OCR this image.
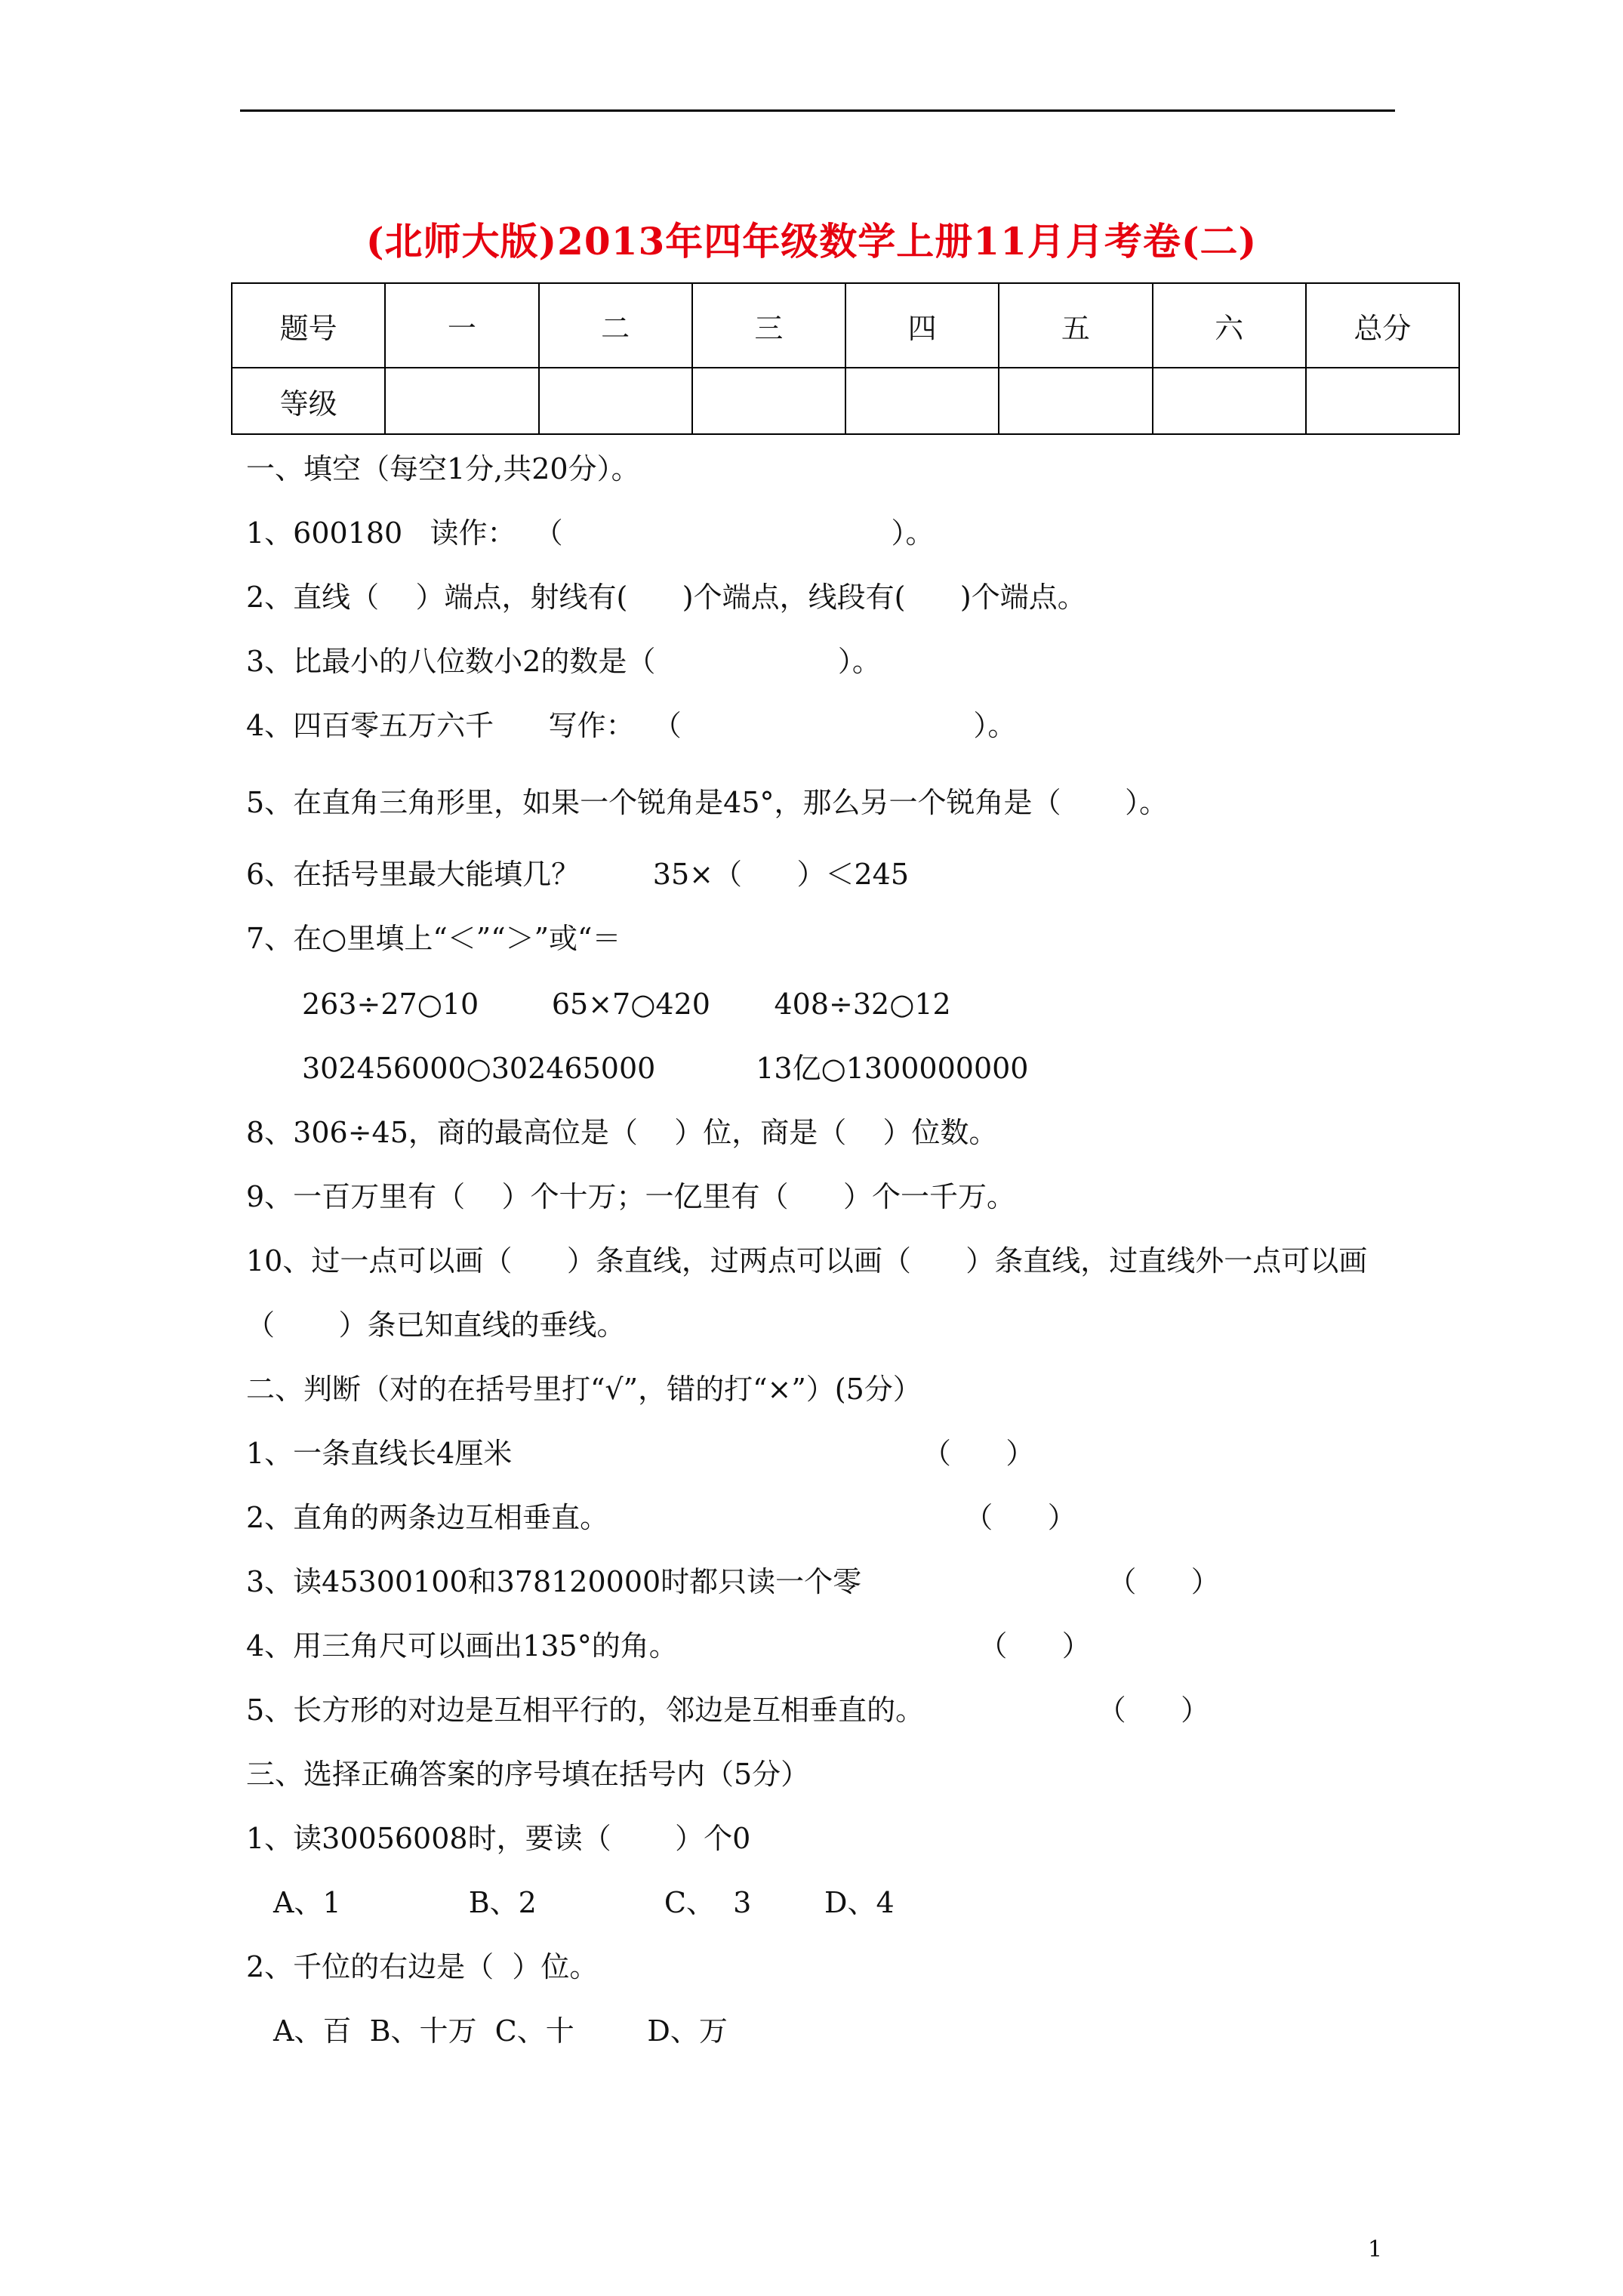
(北师大版)2013年四年级数学上册11月月考卷(二)
题号	一	二	三	四	五	六	总分
等级							
一、填空（每空1分,共20分）。
1、600180   读作：  （                                    ）。
2、直线（    ）端点，射线有(      )个端点，线段有(      )个端点。
3、比最小的八位数小2的数是（                    ）。
4、四百零五万六千      写作：  （                                ）。
5、在直角三角形里，如果一个锐角是45°，那么另一个锐角是（       ）。
6、在括号里最大能填几？        35×（      ）＜245
7、在○里填上“＜”“＞”或“＝
263÷27○10        65×7○420       408÷32○12
302456000○302465000           13亿○1300000000
8、306÷45，商的最高位是（    ）位，商是（    ）位数。
9、一百万里有（    ）个十万；一亿里有（      ）个一千万。
10、过一点可以画（      ）条直线，过两点可以画（      ）条直线，过直线外一点可以画
（       ）条已知直线的垂线。
二、判断（对的在括号里打“√”，错的打“×”）(5分）
1、一条直线长4厘米                                             （      ）
2、直角的两条边互相垂直。                                       （      ）
3、读45300100和378120000时都只读一个零                           （      ）
4、用三角尺可以画出135°的角。                                 （      ）
5、长方形的对边是互相平行的，邻边是互相垂直的。                   （      ）
三、选择正确答案的序号填在括号内（5分）
1、读30056008时，要读（       ）个0
A、1              B、2              C、  3        D、4
2、千位的右边是（  ）位。
A、百  B、十万  C、十        D、万
1
